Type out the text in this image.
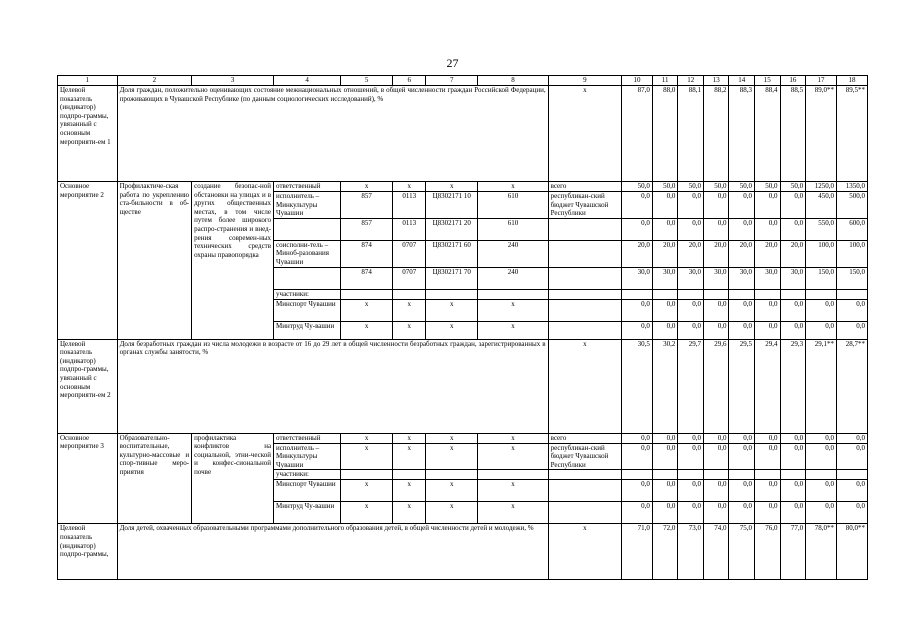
27
1	2	3	4	5	6	7	8	9	10	11	12	13	14	15	16	17	18
Целевой показатель (индикатор) подпро-граммы, увязанный с основным мероприяти-ем 1	Доля граждан, положительно оценивающих состояние межнациональных отношений, в общей численности граждан Российской Федерации, проживающих в Чувашской Республике (по данным социологических исследований), %							x	87,0	88,0	88,1	88,2	88,3	88,4	88,5	89,0**	89,5**
Основное мероприятие 2	Профилактиче-ская работа по укреплению ста-бильности в об-ществе	создание безопас-ной обстановки на улицах и в других общественных местах, в том числе путем более широкого распро-странения и внед-рения современ-ных технических средств охраны правопорядка	ответственный	x	x	x	x	всего	50,0	50,0	50,0	50,0	50,0	50,0	50,0	1250,0	1350,0
			исполнитель – Минкультуры Чувашии	857	0113	Ц8302171 10	610	республикан-ский бюджет Чувашской Республики	0,0	0,0	0,0	0,0	0,0	0,0	0,0	450,0	500,0
				857	0113	Ц8302171 20	610		0,0	0,0	0,0	0,0	0,0	0,0	0,0	550,0	600,0
			соисполни-тель – Миноб-разования Чувашии	874	0707	Ц8302171 60	240		20,0	20,0	20,0	20,0	20,0	20,0	20,0	100,0	100,0
				874	0707	Ц8302171 70	240		30,0	30,0	30,0	30,0	30,0	30,0	30,0	150,0	150,0
			участники:														
			Минспорт Чувашии	x	x	x	x		0,0	0,0	0,0	0,0	0,0	0,0	0,0	0,0	0,0
			Минтруд Чу-вашии	x	x	x	x		0,0	0,0	0,0	0,0	0,0	0,0	0,0	0,0	0,0
Целевой показатель (индикатор) подпро-граммы, увязанный с основным мероприяти-ем 2	Доля безработных граждан из числа молодежи в возрасте от 16 до 29 лет в общей численности безработных граждан, зарегистрированных в органах службы занятости, %							x	30,5	30,2	29,7	29,6	29,5	29,4	29,3	29,1**	28,7**
Основное мероприятие 3	Образовательно-воспитательные, культурно-массовые и спор-тивные меро-приятия	профилактика конфликтов на социальной, этни-ческой и конфес-сиональной почве	ответственный	x	x	x	x	всего	0,0	0,0	0,0	0,0	0,0	0,0	0,0	0,0	0,0
			исполнитель – Минкультуры Чувашии	x	x	x	x	республикан-ский бюджет Чувашской Республики	0,0	0,0	0,0	0,0	0,0	0,0	0,0	0,0	0,0
			участники:														
			Минспорт Чувашии	x	x	x	x		0,0	0,0	0,0	0,0	0,0	0,0	0,0	0,0	0,0
			Минтруд Чу-вашии	x	x	x	x		0,0	0,0	0,0	0,0	0,0	0,0	0,0	0,0	0,0
Целевой показатель (индикатор) подпро-граммы,	Доля детей, охваченных образовательными программами дополнительного образования детей, в общей численности детей и молодежи, %							x	71,0	72,0	73,0	74,0	75,0	76,0	77,0	78,0**	80,0**
